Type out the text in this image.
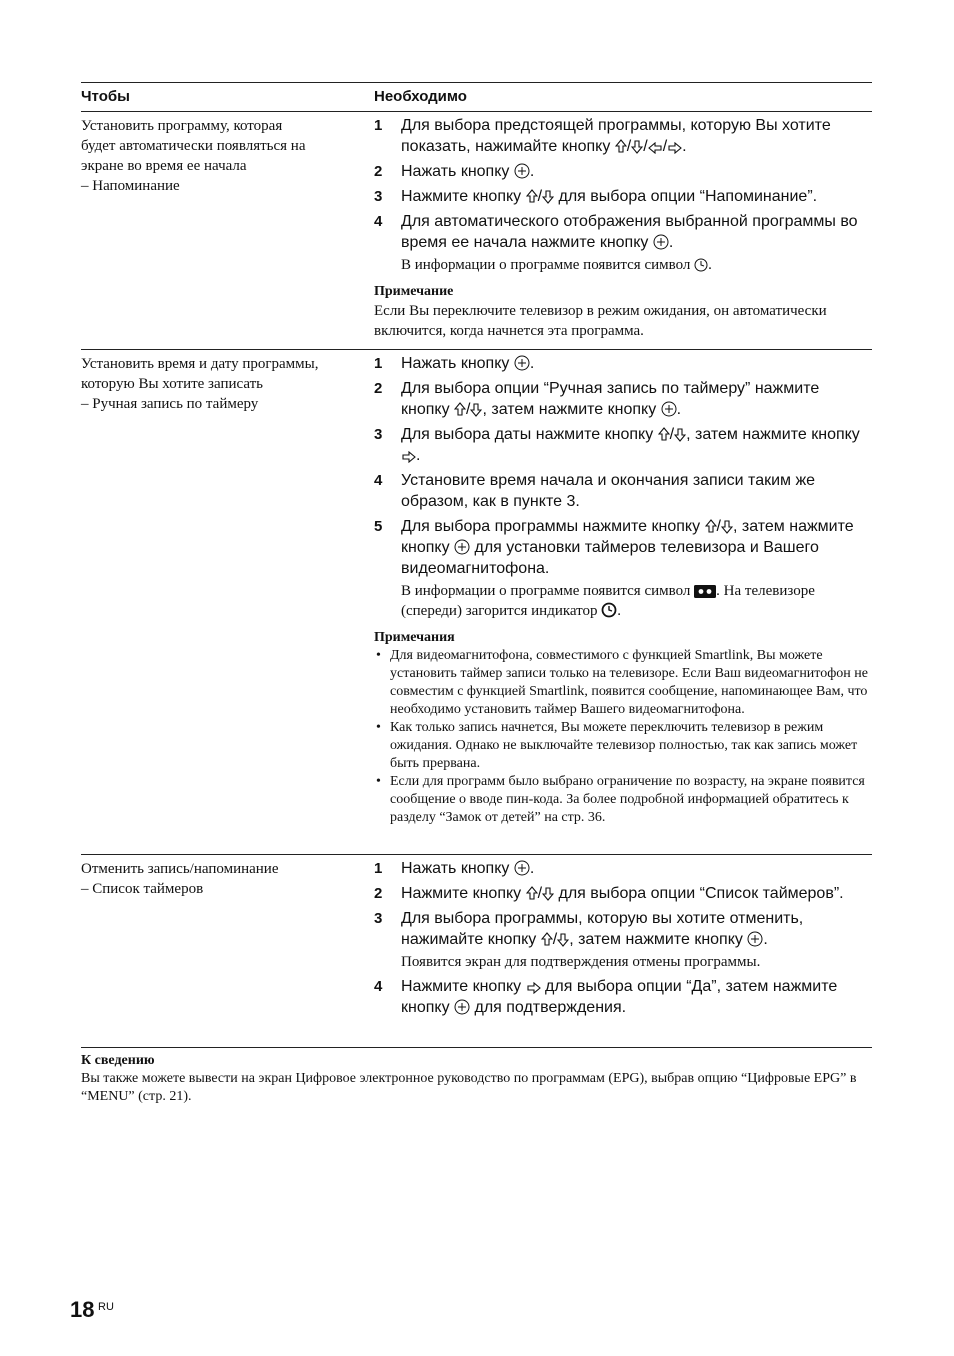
Чтобы	Необходимо
Установить программу, которая
будет автоматически появляться на
экране во время ее начала
– Напоминание
1 Для выбора предстоящей программы, которую Вы хотите показать, нажимайте кнопку
/ / / .
2 Нажать кнопку
.
3 Нажмите кнопку
/
для выбора опции “Напоминание”.
4 Для автоматического отображения выбранной программы во время ее начала нажмите кнопку
.
В информации о программе появится символ
.
Примечание
Если Вы переключите телевизор в режим ожидания, он автоматически включится, когда начнется эта программа.
Установить время и дату программы,
которую Вы хотите записать
– Ручная запись по таймеру
1 Нажать кнопку
.
2 Для выбора опции “Ручная запись по таймеру” нажмите кнопку
/ , затем нажмите кнопку
.
3 Для выбора даты нажмите кнопку
/ , затем нажмите кнопку
.
4 Установите время начала и окончания записи таким же образом, как в пункте 3.
5 Для выбора программы нажмите кнопку
/ , затем нажмите кнопку
для установки таймеров телевизора и Вашего видеомагнитофона.
В информации о программе появится символ
. На телевизоре (спереди) загорится индикатор
.
Примечания
• Для видеомагнитофона, совместимого с функцией Smartlink, Вы можете установить таймер записи только на телевизоре. Если Ваш видеомагнитофон не совместим с функцией Smartlink, появится сообщение, напоминающее Вам, что необходимо установить таймер Вашего видеомагнитофона.
• Как только запись начнется, Вы можете переключить телевизор в режим ожидания. Однако не выключайте телевизор полностью, так как запись может быть прервана.
• Если для программ было выбрано ограничение по возрасту, на экране появится сообщение о вводе пин-кода. За более подробной информацией обратитесь к разделу “Замок от детей” на стр. 36.
Отменить запись/напоминание
– Список таймеров
1 Нажать кнопку
.
2 Нажмите кнопку
/
для выбора опции “Список таймеров”.
3 Для выбора программы, которую вы хотите отменить, нажимайте кнопку
/ , затем нажмите кнопку
.
Появится экран для подтверждения отмены программы.
4 Нажмите кнопку
для выбора опции “Да”, затем нажмите кнопку
для подтверждения.
К сведению
Вы также можете вывести на экран Цифровое электронное руководство по программам (EPG), выбрав опцию “Цифровые EPG” в “MENU” (стр. 21).
18 RU
